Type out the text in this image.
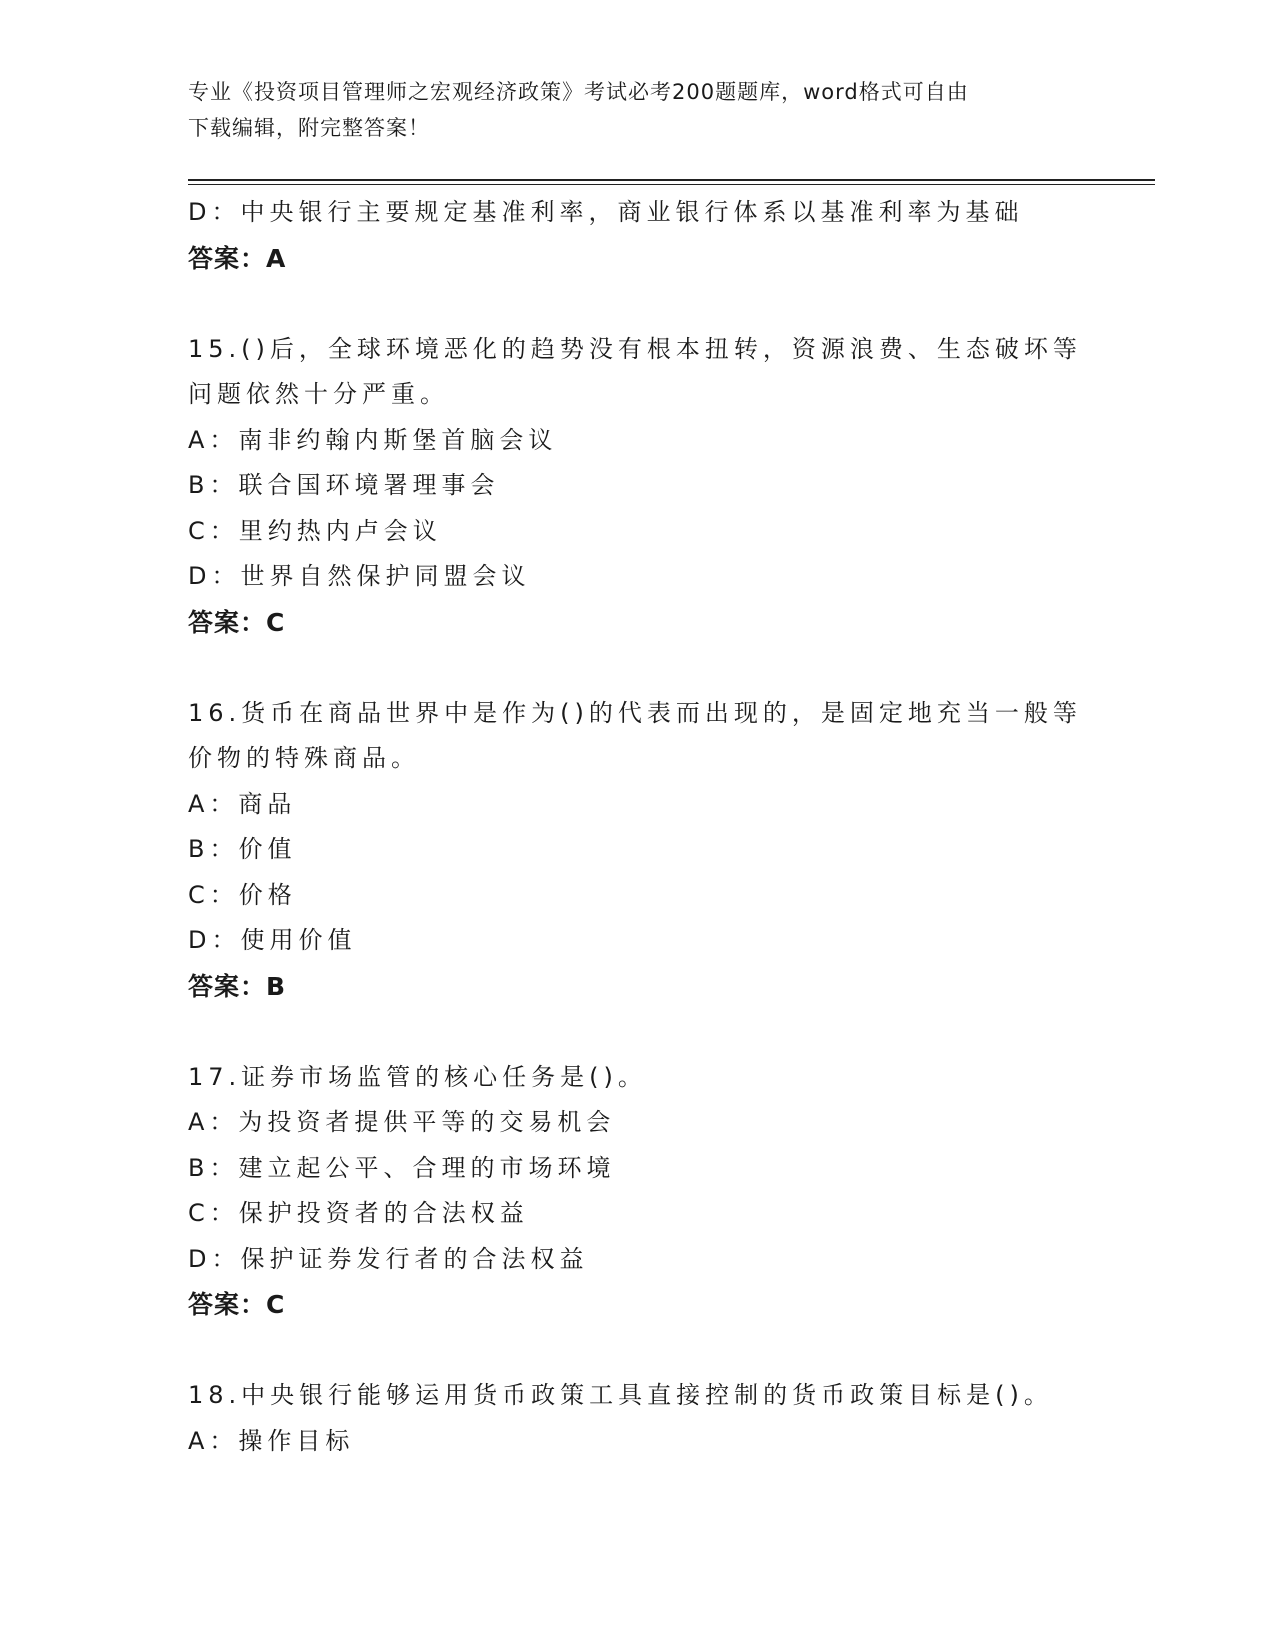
专业《投资项目管理师之宏观经济政策》考试必考200题题库，word格式可自由
下载编辑，附完整答案！
D：中央银行主要规定基准利率，商业银行体系以基准利率为基础
答案：A
15.()后，全球环境恶化的趋势没有根本扭转，资源浪费、生态破坏等
问题依然十分严重。
A：南非约翰内斯堡首脑会议
B：联合国环境署理事会
C：里约热内卢会议
D：世界自然保护同盟会议
答案：C
16.货币在商品世界中是作为()的代表而出现的，是固定地充当一般等
价物的特殊商品。
A：商品
B：价值
C：价格
D：使用价值
答案：B
17.证券市场监管的核心任务是()。
A：为投资者提供平等的交易机会
B：建立起公平、合理的市场环境
C：保护投资者的合法权益
D：保护证券发行者的合法权益
答案：C
18.中央银行能够运用货币政策工具直接控制的货币政策目标是()。
A：操作目标
